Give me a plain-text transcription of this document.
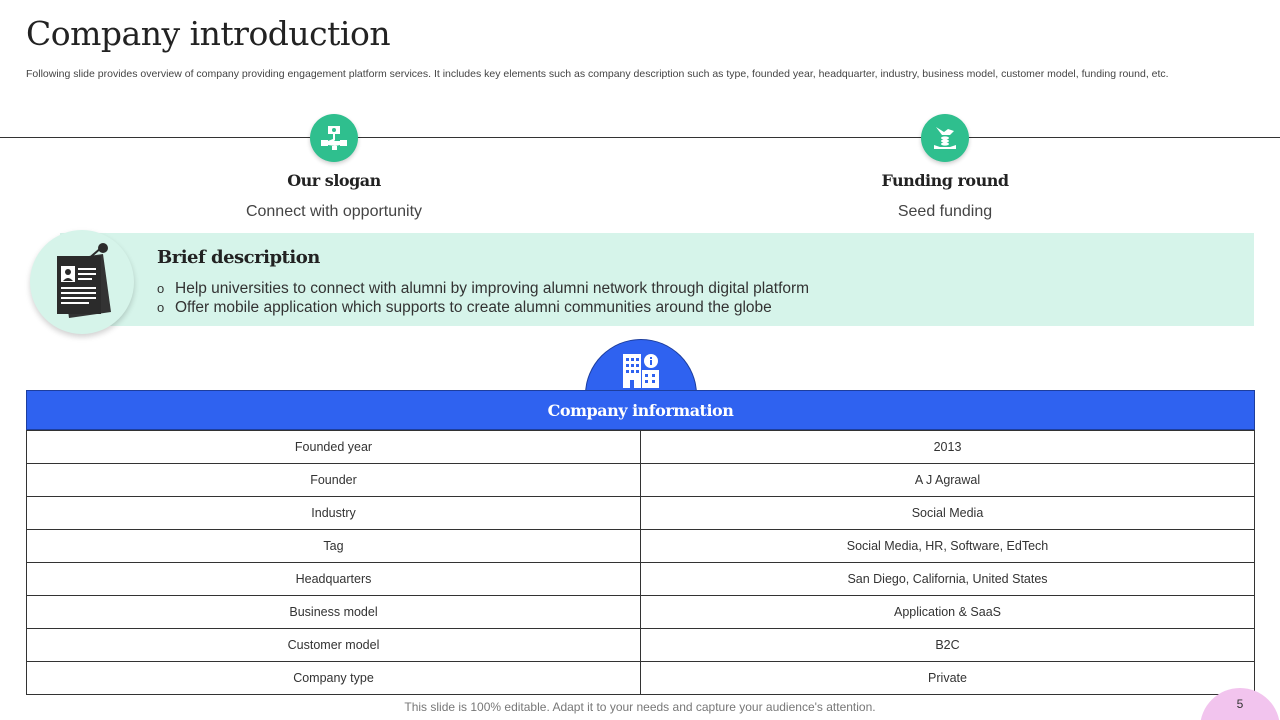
Company introduction
Following slide provides overview of company providing engagement platform services. It includes key elements such as company description such as type, founded year, headquarter, industry, business model, customer model, funding round, etc.
Our slogan
Connect with opportunity
Funding round
Seed funding
Brief description
o Help universities to connect with alumni by improving alumni network through digital platform
o Offer mobile application which supports to create alumni communities around the globe
Company information
Founded year	2013
Founder	A J Agrawal
Industry	Social Media
Tag	Social Media, HR, Software, EdTech
Headquarters	San Diego, California, United States
Business model	Application & SaaS
Customer model	B2C
Company type	Private
This slide is 100% editable. Adapt it to your needs and capture your audience's attention.	5
